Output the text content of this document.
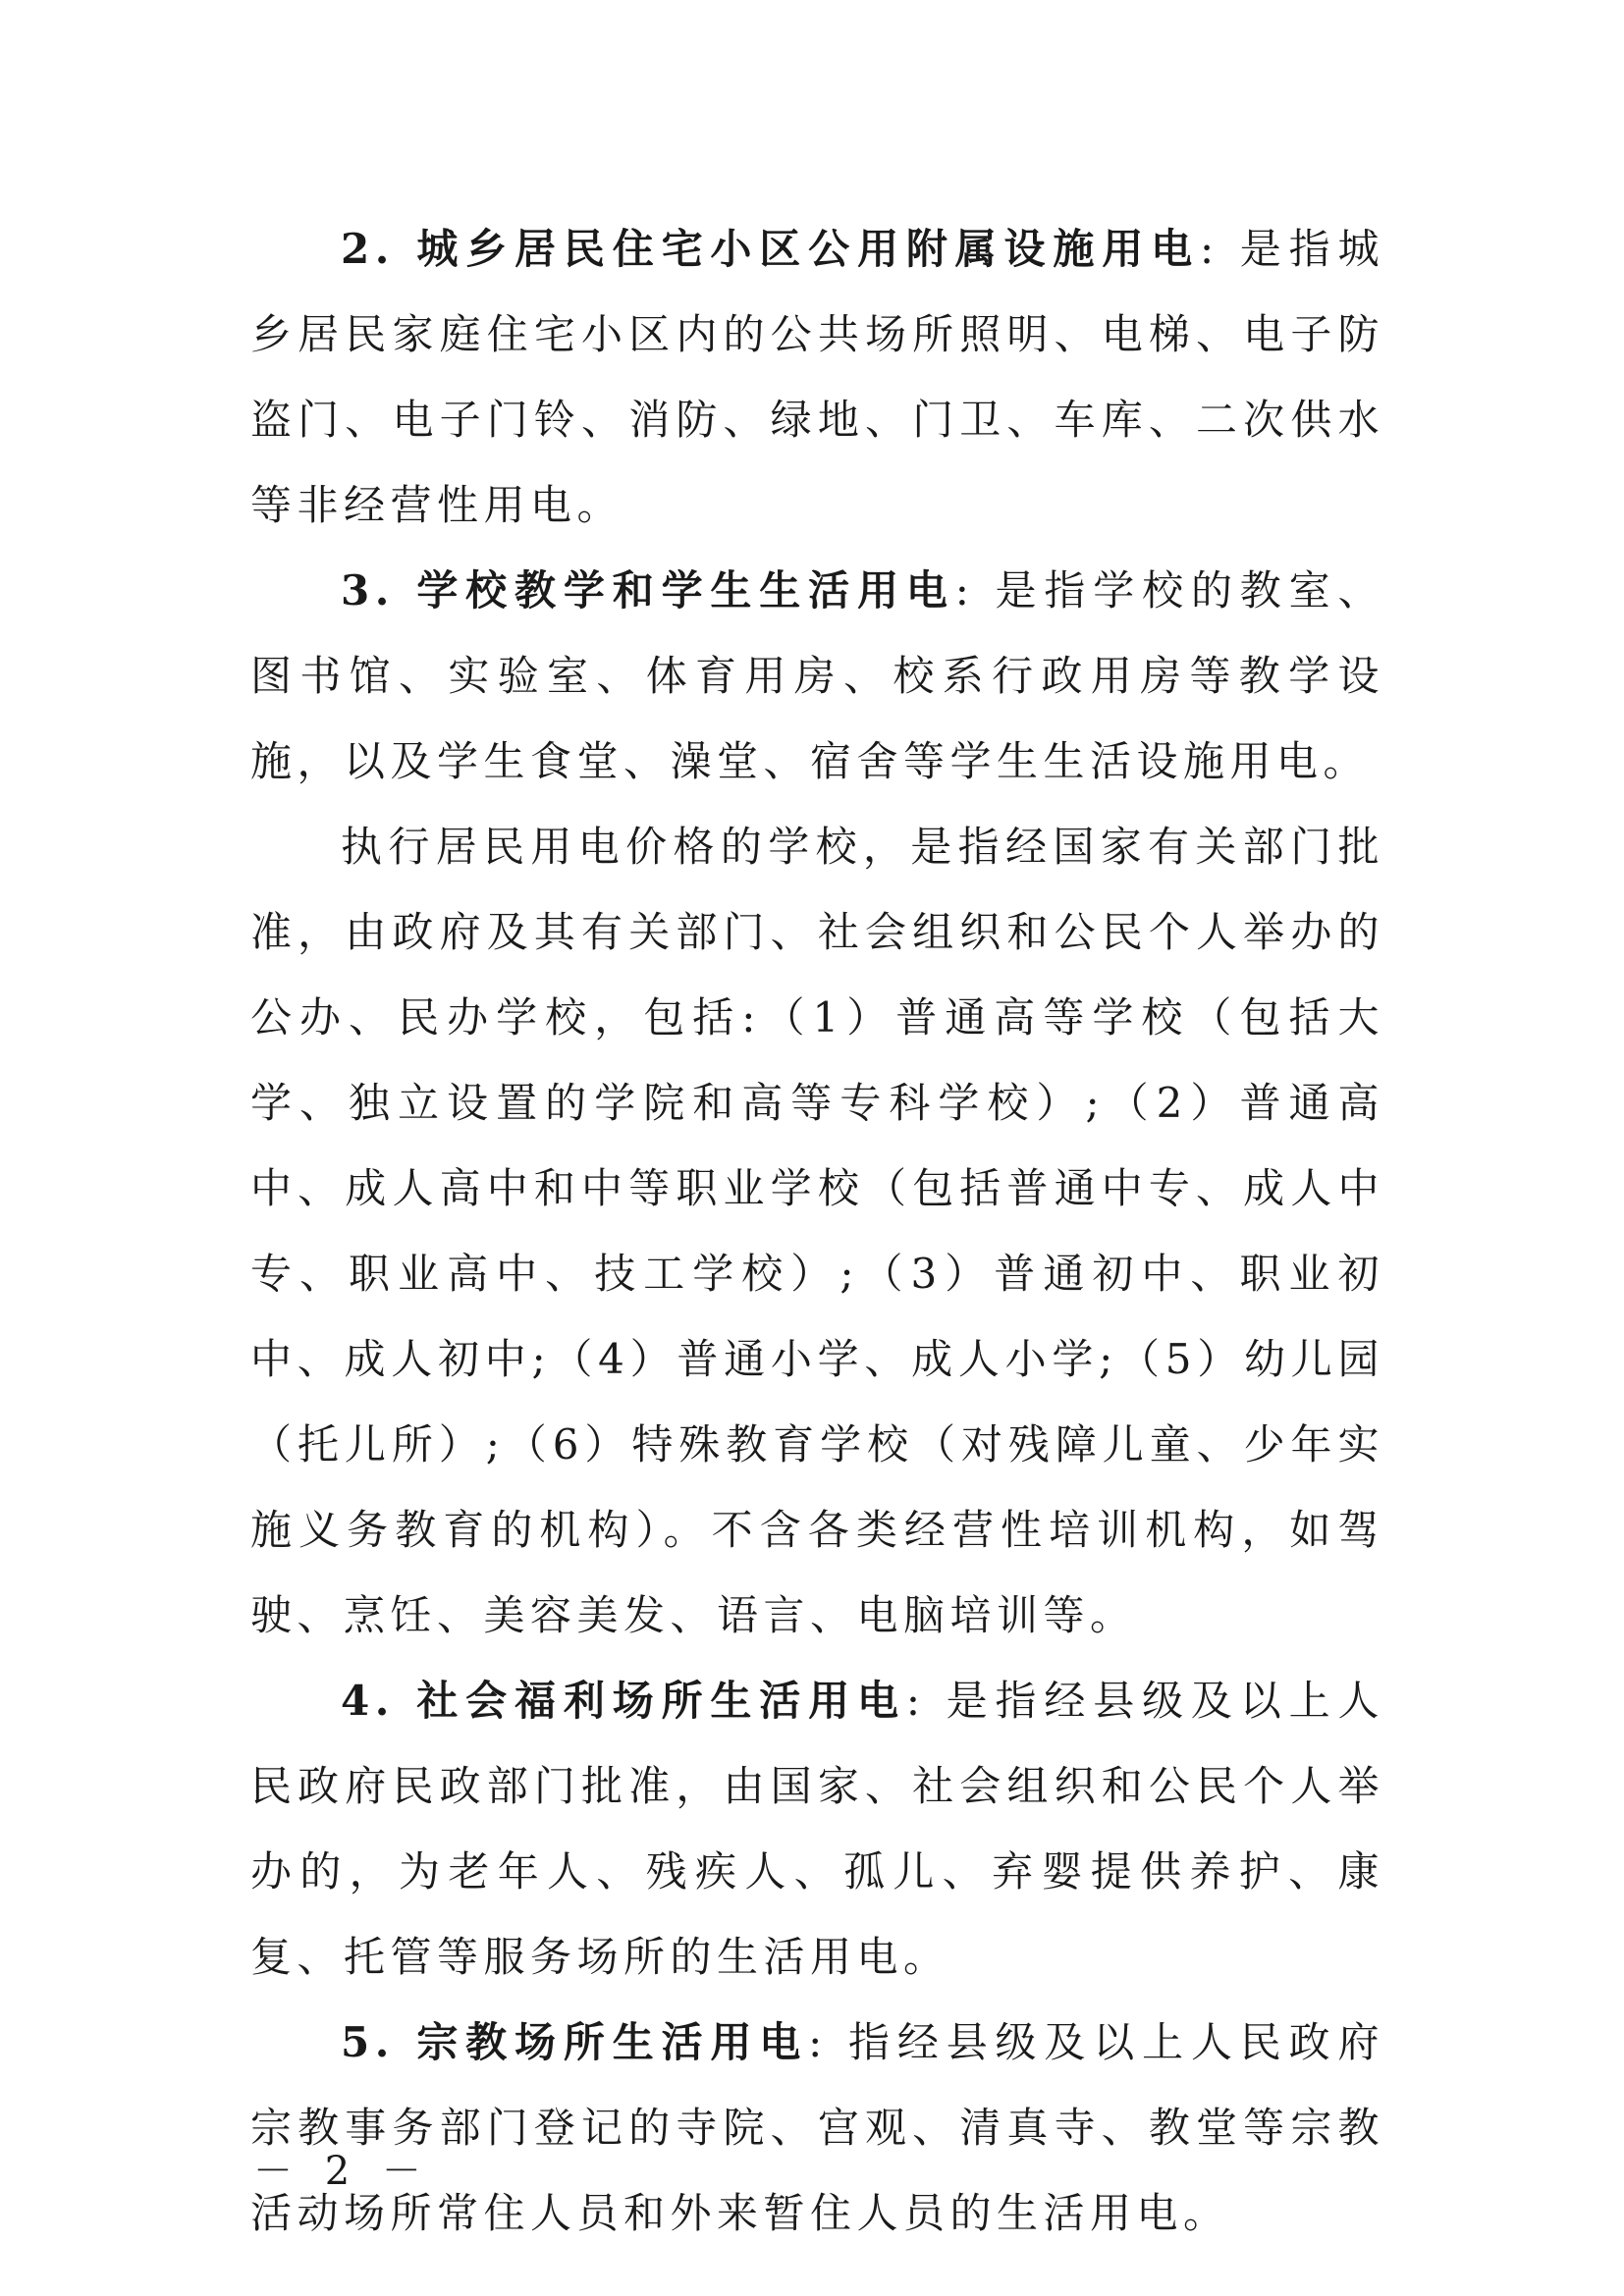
2. 城乡居民住宅小区公用附属设施用电: 是指城乡居民家庭住宅小区内的公共场所照明、电梯、电子防盗门、电子门铃、消防、绿地、门卫、车库、二次供水等非经营性用电。

3. 学校教学和学生生活用电: 是指学校的教室、图书馆、实验室、体育用房、校系行政用房等教学设施，以及学生食堂、澡堂、宿舍等学生生活设施用电。

执行居民用电价格的学校，是指经国家有关部门批准，由政府及其有关部门、社会组织和公民个人举办的公办、民办学校，包括:（1）普通高等学校（包括大学、独立设置的学院和高等专科学校）;（2）普通高中、成人高中和中等职业学校（包括普通中专、成人中专、职业高中、技工学校）;（3）普通初中、职业初中、成人初中;（4）普通小学、成人小学;（5）幼儿园（托儿所）;（6）特殊教育学校（对残障儿童、少年实施义务教育的机构）。不含各类经营性培训机构，如驾驶、烹饪、美容美发、语言、电脑培训等。

4. 社会福利场所生活用电: 是指经县级及以上人民政府民政部门批准，由国家、社会组织和公民个人举办的，为老年人、残疾人、孤儿、弃婴提供养护、康复、托管等服务场所的生活用电。

5. 宗教场所生活用电: 指经县级及以上人民政府宗教事务部门登记的寺院、宫观、清真寺、教堂等宗教活动场所常住人员和外来暂住人员的生活用电。

－ 2 －
